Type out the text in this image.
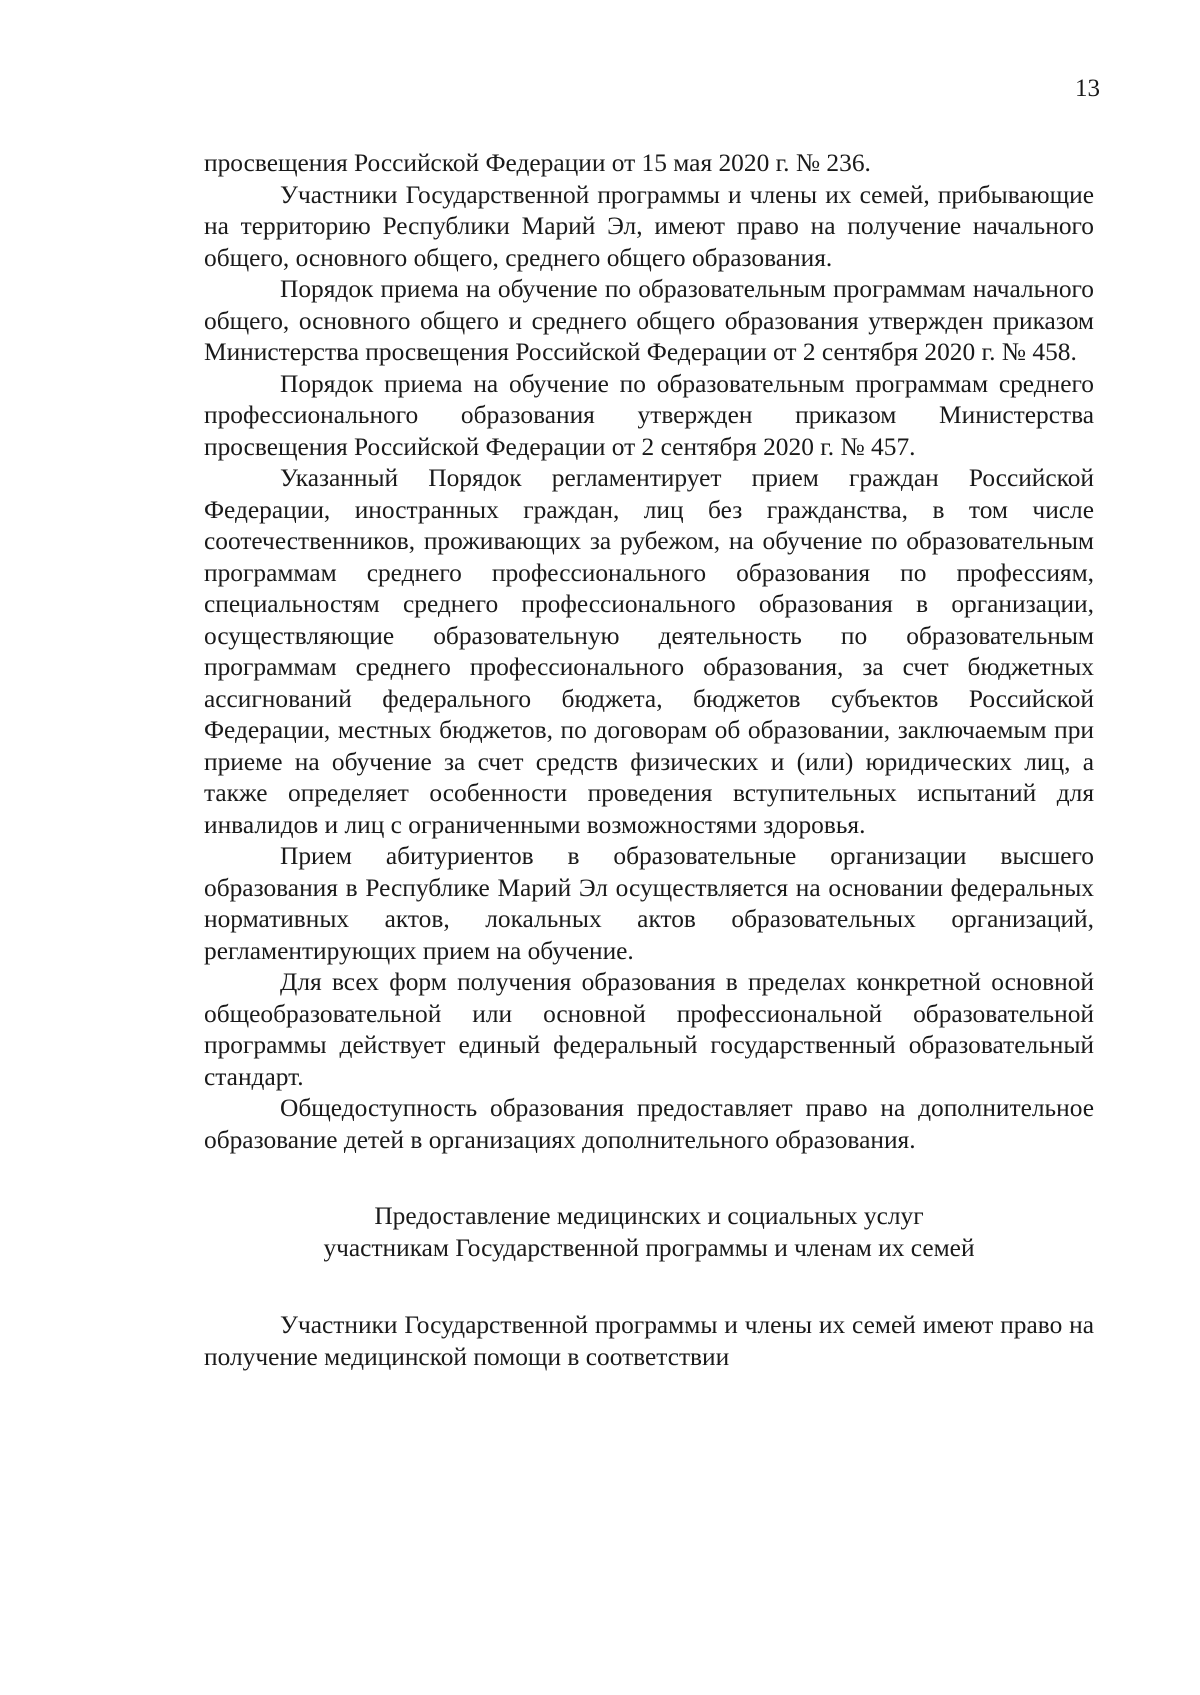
13

просвещения Российской Федерации от 15 мая 2020 г. № 236.

Участники Государственной программы и члены их семей, прибывающие на территорию Республики Марий Эл, имеют право на получение начального общего, основного общего, среднего общего образования.

Порядок приема на обучение по образовательным программам начального общего, основного общего и среднего общего образования утвержден приказом Министерства просвещения Российской Федерации от 2 сентября 2020 г. № 458.

Порядок приема на обучение по образовательным программам среднего профессионального образования утвержден приказом Министерства просвещения Российской Федерации от 2 сентября 2020 г. № 457.

Указанный Порядок регламентирует прием граждан Российской Федерации, иностранных граждан, лиц без гражданства, в том числе соотечественников, проживающих за рубежом, на обучение по образовательным программам среднего профессионального образования по профессиям, специальностям среднего профессионального образования в организации, осуществляющие образовательную деятельность по образовательным программам среднего профессионального образования, за счет бюджетных ассигнований федерального бюджета, бюджетов субъектов Российской Федерации, местных бюджетов, по договорам об образовании, заключаемым при приеме на обучение за счет средств физических и (или) юридических лиц, а также определяет особенности проведения вступительных испытаний для инвалидов и лиц с ограниченными возможностями здоровья.

Прием абитуриентов в образовательные организации высшего образования в Республике Марий Эл осуществляется на основании федеральных нормативных актов, локальных актов образовательных организаций, регламентирующих прием на обучение.

Для всех форм получения образования в пределах конкретной основной общеобразовательной или основной профессиональной образовательной программы действует единый федеральный государственный образовательный стандарт.

Общедоступность образования предоставляет право на дополнительное образование детей в организациях дополнительного образования.

Предоставление медицинских и социальных услуг
участникам Государственной программы и членам их семей

Участники Государственной программы и члены их семей имеют право на получение медицинской помощи в соответствии
